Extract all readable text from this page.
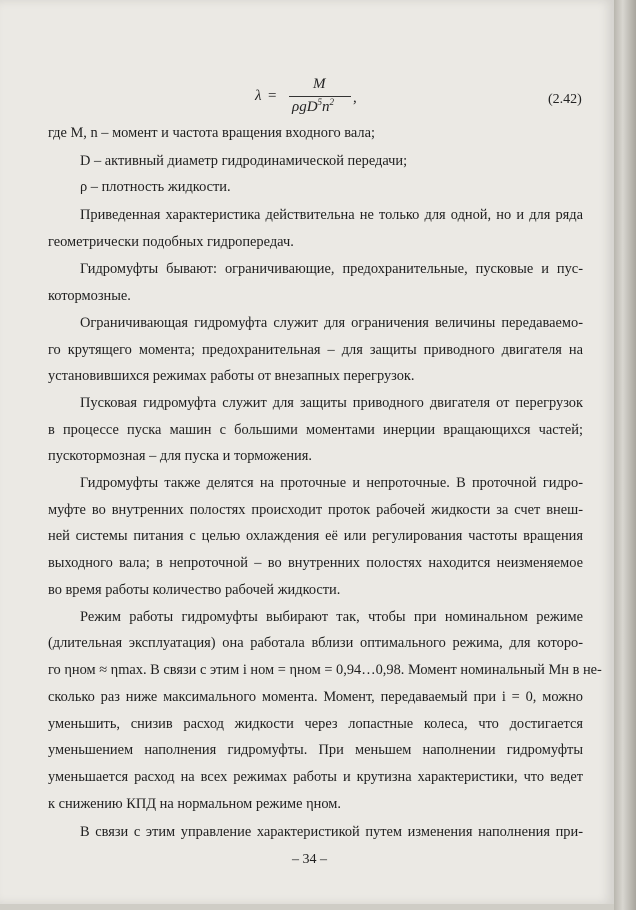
λ =
M
$\rho gD^5n^2$ ,	(2.42)
где M, n – момент и частота вращения входного вала;
D – активный диаметр гидродинамической передачи;
ρ – плотность жидкости.
Приведенная характеристика действительна не только для одной, но и для ряда
геометрически подобных гидропередач.
Гидромуфты бывают: ограничивающие, предохранительные, пусковые и пус-
котормозные.
Ограничивающая гидромуфта служит для ограничения величины передаваемо-
го крутящего момента; предохранительная – для защиты приводного двигателя на
установившихся режимах работы от внезапных перегрузок.
Пусковая гидромуфта служит для защиты приводного двигателя от перегрузок
в процессе пуска машин с большими моментами инерции вращающихся частей;
пускотормозная – для пуска и торможения.
Гидромуфты также делятся на проточные и непроточные. В проточной гидро-
муфте во внутренних полостях происходит проток рабочей жидкости за счет внеш-
ней системы питания с целью охлаждения её или регулирования частоты вращения
выходного вала; в непроточной – во внутренних полостях находится неизменяемое
во время работы количество рабочей жидкости.
Режим работы гидромуфты выбирают так, чтобы при номинальном режиме
(длительная эксплуатация) она работала вблизи оптимального режима, для которо-
го ηном ≈ ηmax. В связи с этим i ном = ηном = 0,94…0,98. Момент номинальный Mн в не-
сколько раз ниже максимального момента. Момент, передаваемый при i = 0, можно
уменьшить, снизив расход жидкости через лопастные колеса, что достигается
уменьшением наполнения гидромуфты. При меньшем наполнении гидромуфты
уменьшается расход на всех режимах работы и крутизна характеристики, что ведет
к снижению КПД на нормальном режиме ηном.
В связи с этим управление характеристикой путем изменения наполнения при-
– 34 –
